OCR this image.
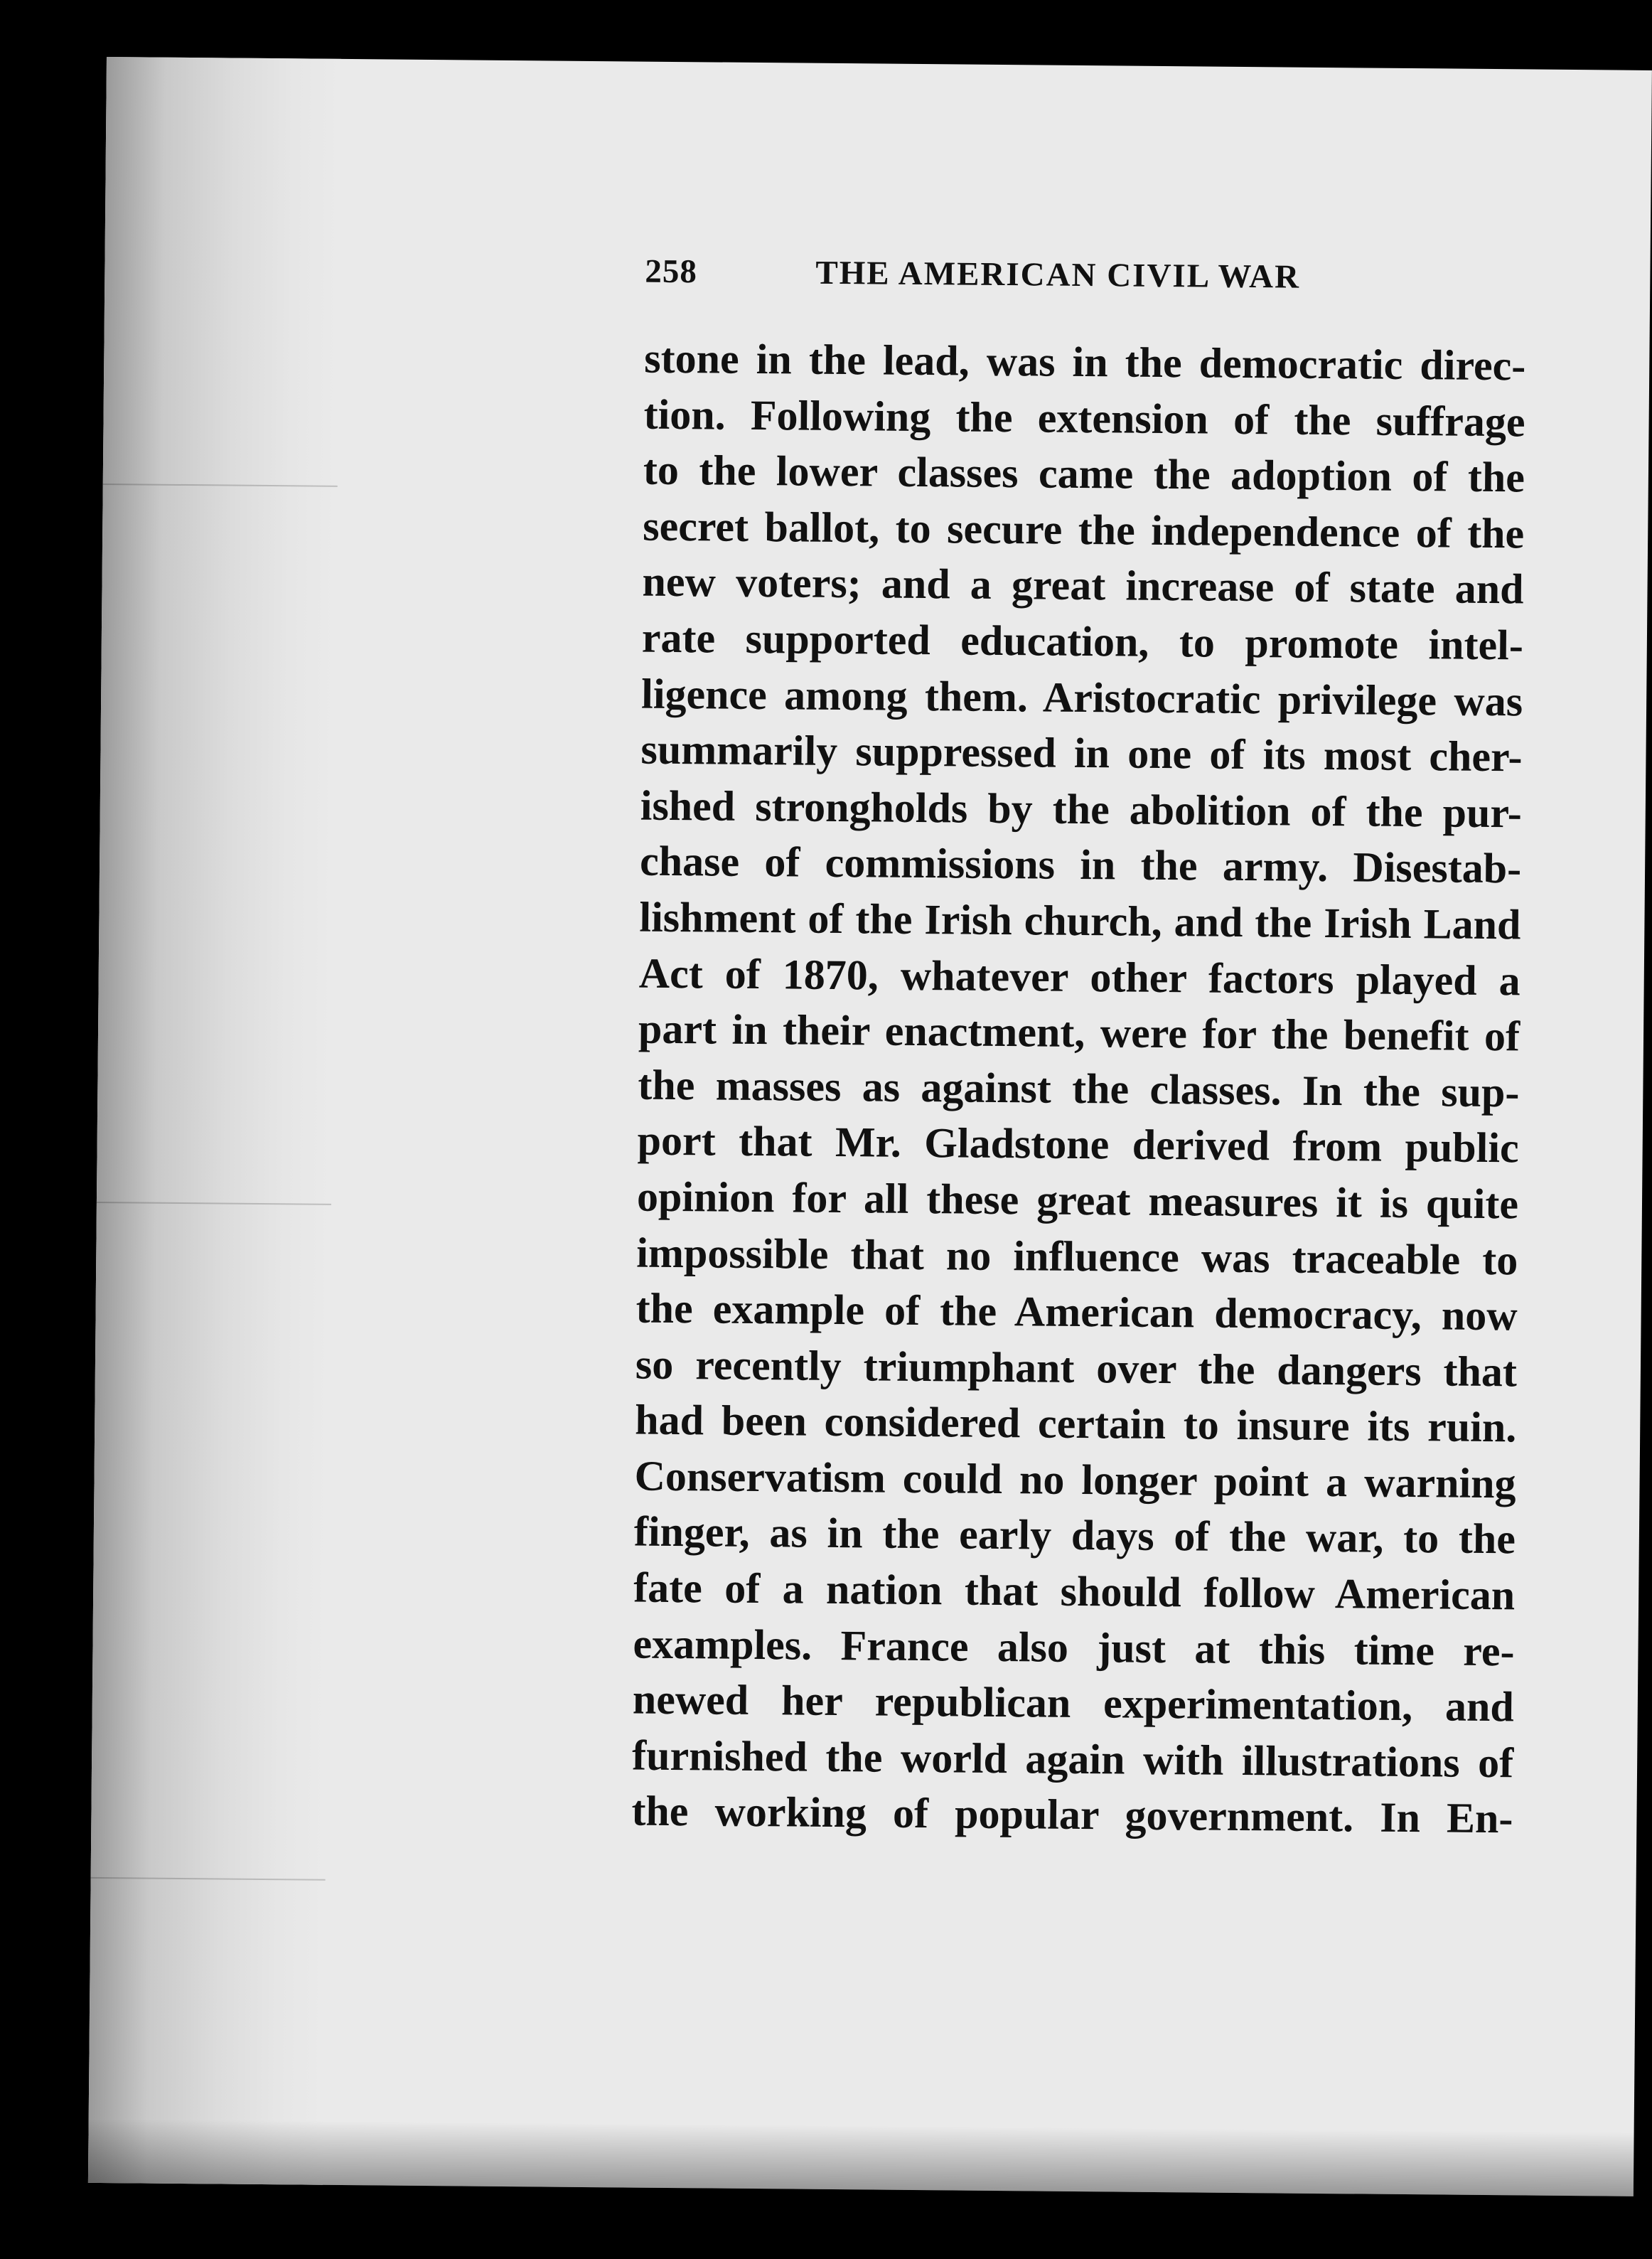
258	THE AMERICAN CIVIL WAR
stone in the lead, was in the democratic direc-
tion. Following the extension of the suffrage
to the lower classes came the adoption of the
secret ballot, to secure the independence of the
new voters; and a great increase of state and
rate supported education, to promote intel-
ligence among them. Aristocratic privilege was
summarily suppressed in one of its most cher-
ished strongholds by the abolition of the pur-
chase of commissions in the army. Disestab-
lishment of the Irish church, and the Irish Land
Act of 1870, whatever other factors played a
part in their enactment, were for the benefit of
the masses as against the classes. In the sup-
port that Mr. Gladstone derived from public
opinion for all these great measures it is quite
impossible that no influence was traceable to
the example of the American democracy, now
so recently triumphant over the dangers that
had been considered certain to insure its ruin.
Conservatism could no longer point a warning
finger, as in the early days of the war, to the
fate of a nation that should follow American
examples. France also just at this time re-
newed her republican experimentation, and
furnished the world again with illustrations of
the working of popular government. In En-
